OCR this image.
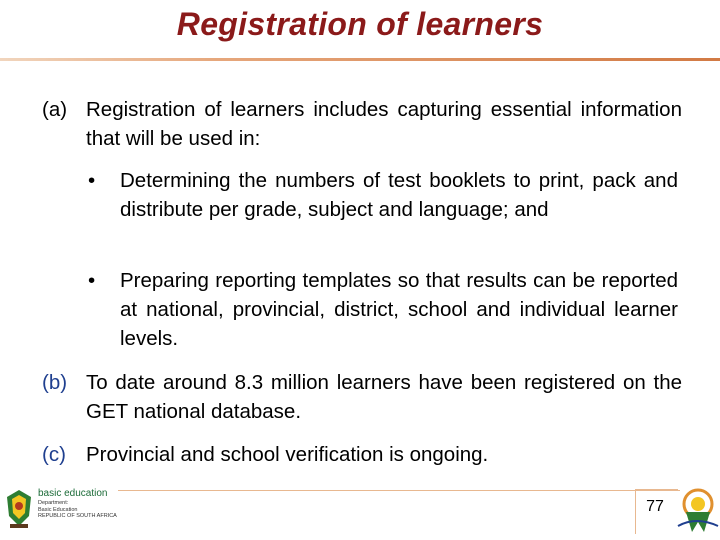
Registration of learners
(a) Registration of learners includes capturing essential information that will be used in:
• Determining the numbers of test booklets to print, pack and distribute per grade, subject and language; and
• Preparing reporting templates so that results can be reported at national, provincial, district, school and individual learner levels.
(b) To date around 8.3 million learners have been registered on the GET national database.
(c) Provincial and school verification is ongoing.
basic education
Department:
Basic Education
REPUBLIC OF SOUTH AFRICA
77
